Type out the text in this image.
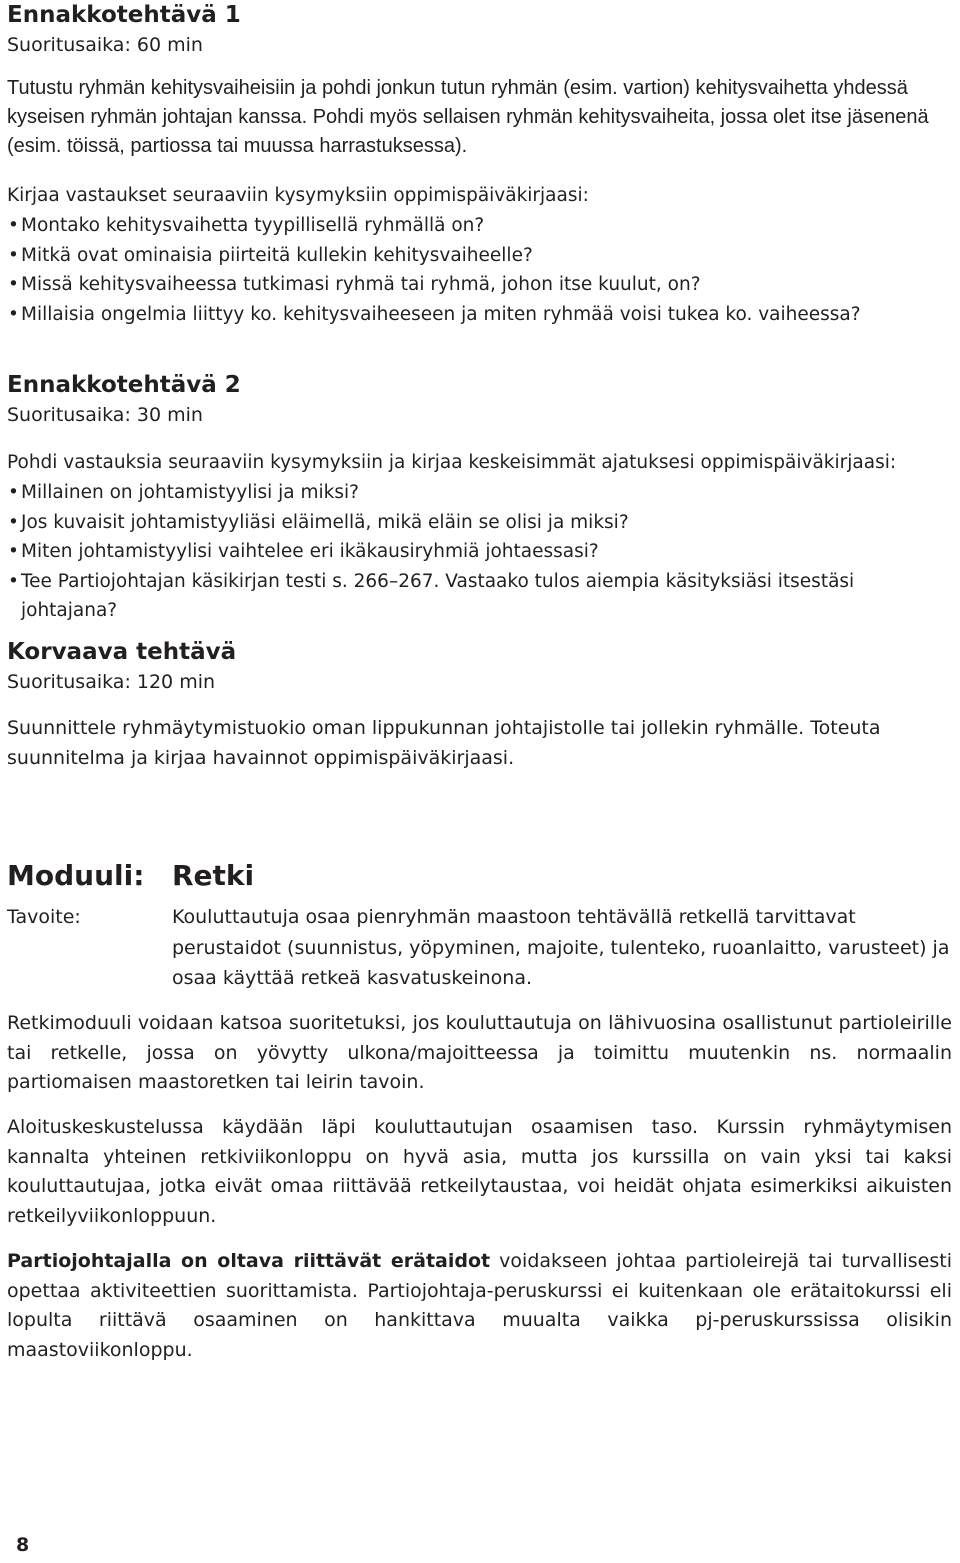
Ennakkotehtävä 1
Suoritusaika: 60 min

Tutustu ryhmän kehitysvaiheisiin ja pohdi jonkun tutun ryhmän (esim. vartion) kehitysvaihetta yhdessä kyseisen ryhmän johtajan kanssa. Pohdi myös sellaisen ryhmän kehitysvaiheita, jossa olet itse jäsenenä (esim. töissä, partiossa tai muussa harrastuksessa).

Kirjaa vastaukset seuraaviin kysymyksiin oppimispäiväkirjaasi:

• Montako kehitysvaihetta tyypillisellä ryhmällä on?
• Mitkä ovat ominaisia piirteitä kullekin kehitysvaiheelle?
• Missä kehitysvaiheessa tutkimasi ryhmä tai ryhmä, johon itse kuulut, on?
• Millaisia ongelmia liittyy ko. kehitysvaiheeseen ja miten ryhmää voisi tukea ko. vaiheessa?
Ennakkotehtävä 2
Suoritusaika: 30 min

Pohdi vastauksia seuraaviin kysymyksiin ja kirjaa keskeisimmät ajatuksesi oppimispäiväkirjaasi:

• Millainen on johtamistyylisi ja miksi?
• Jos kuvaisit johtamistyyliäsi eläimellä, mikä eläin se olisi ja miksi?
• Miten johtamistyylisi vaihtelee eri ikäkausiryhmiä johtaessasi?
• Tee Partiojohtajan käsikirjan testi s. 266–267. Vastaako tulos aiempia käsityksiäsi itsestäsi johtajana?
Korvaava tehtävä
Suoritusaika: 120 min

Suunnittele ryhmäytymistuokio oman lippukunnan johtajistolle tai jollekin ryhmälle. Toteuta suunnitelma ja kirjaa havainnot oppimispäiväkirjaasi.

Moduuli: Retki
Tavoite:	Kouluttautuja osaa pienryhmän maastoon tehtävällä retkellä tarvittavat perustaidot (suunnistus, yöpyminen, majoite, tulenteko, ruoanlaitto, varusteet) ja osaa käyttää retkeä kasvatuskeinona.

Retkimoduuli voidaan katsoa suoritetuksi, jos kouluttautuja on lähivuosina osallistunut partioleirille tai retkelle, jossa on yövytty ulkona/majoitteessa ja toimittu muutenkin ns. normaalin partiomaisen maastoretken tai leirin tavoin.

Aloituskeskustelussa käydään läpi kouluttautujan osaamisen taso. Kurssin ryhmäytymisen kannalta yhteinen retkiviikonloppu on hyvä asia, mutta jos kurssilla on vain yksi tai kaksi kouluttautujaa, jotka eivät omaa riittävää retkeilytaustaa, voi heidät ohjata esimerkiksi aikuisten retkeilyviikonloppuun.

Partiojohtajalla on oltava riittävät erätaidot voidakseen johtaa partioleirejä tai turvallisesti opettaa aktiviteettien suorittamista. Partiojohtaja-peruskurssi ei kuitenkaan ole erätaitokurssi eli lopulta riittävä osaaminen on hankittava muualta vaikka pj-peruskurssissa olisikin maastoviikonloppu.

8
